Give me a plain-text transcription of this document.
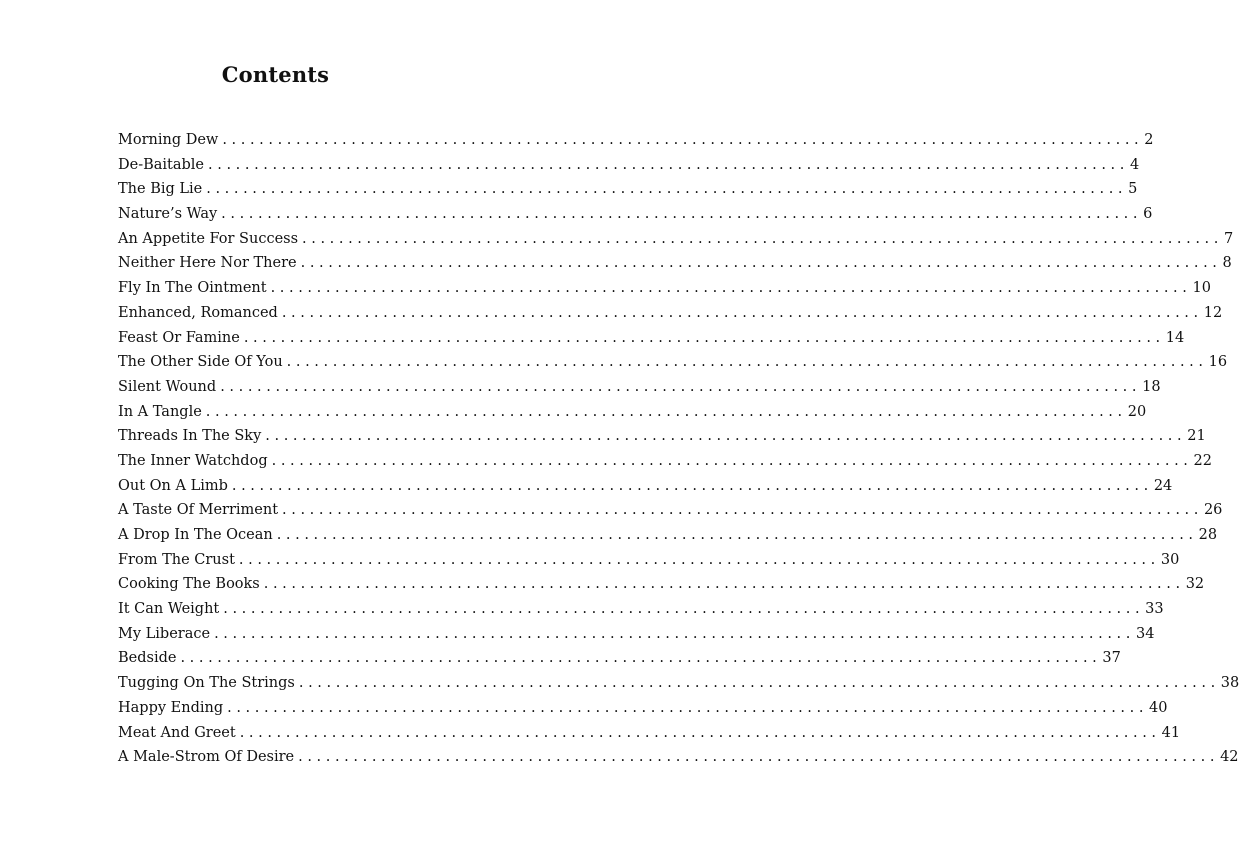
Contents
Morning Dew .................................................................................................... 2
De-Baitable .................................................................................................... 4
The Big Lie .................................................................................................... 5
Nature’s Way .................................................................................................... 6
An Appetite For Success .................................................................................................... 7
Neither Here Nor There .................................................................................................... 8
Fly In The Ointment .................................................................................................... 10
Enhanced, Romanced .................................................................................................... 12
Feast Or Famine .................................................................................................... 14
The Other Side Of You .................................................................................................... 16
Silent Wound .................................................................................................... 18
In A Tangle .................................................................................................... 20
Threads In The Sky .................................................................................................... 21
The Inner Watchdog .................................................................................................... 22
Out On A Limb .................................................................................................... 24
A Taste Of Merriment .................................................................................................... 26
A Drop In The Ocean .................................................................................................... 28
From The Crust .................................................................................................... 30
Cooking The Books .................................................................................................... 32
It Can Weight .................................................................................................... 33
My Liberace .................................................................................................... 34
Bedside .................................................................................................... 37
Tugging On The Strings .................................................................................................... 38
Happy Ending .................................................................................................... 40
Meat And Greet .................................................................................................... 41
A Male-Strom Of Desire .................................................................................................... 42
